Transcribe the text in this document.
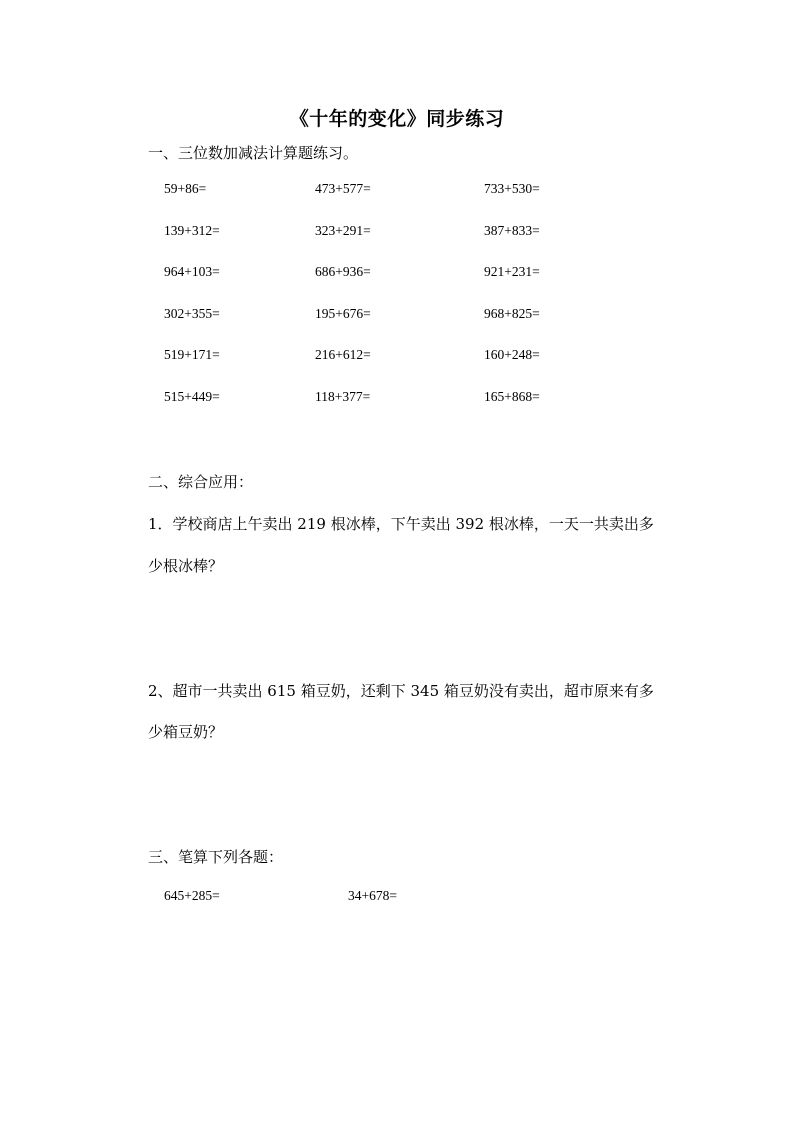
《十年的变化》同步练习
一、三位数加减法计算题练习。
59+86=	473+577=	733+530=
139+312=	323+291=	387+833=
964+103=	686+936=	921+231=
302+355=	195+676=	968+825=
519+171=	216+612=	160+248=
515+449=	118+377=	165+868=
二、综合应用：
1．学校商店上午卖出 219 根冰棒，下午卖出 392 根冰棒，一天一共卖出多
少根冰棒？
2、超市一共卖出 615 箱豆奶，还剩下 345 箱豆奶没有卖出，超市原来有多
少箱豆奶？
三、笔算下列各题：
645+285=	34+678=
